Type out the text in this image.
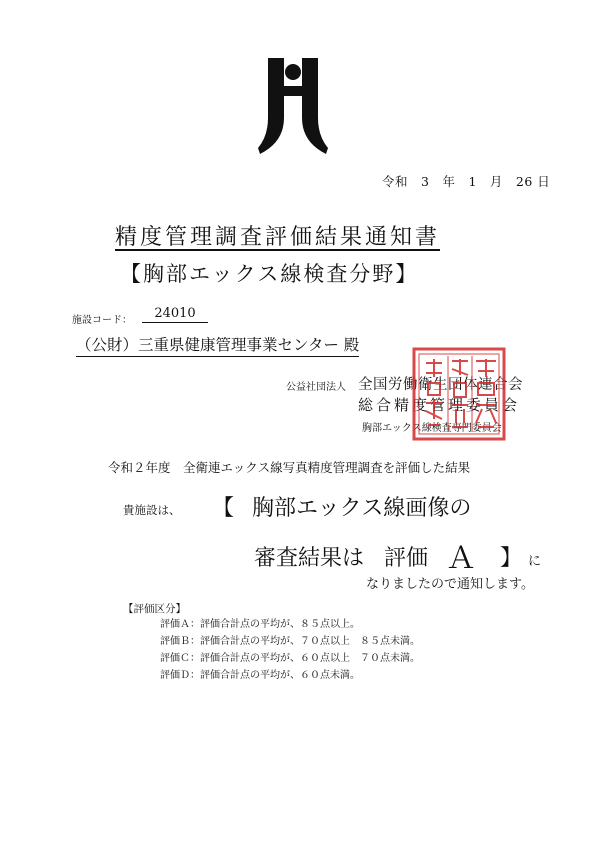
令和　3　年　1　月　26 日
精度管理調査評価結果通知書
【胸部エックス線検査分野】
施設コード：	24010
（公財）三重県健康管理事業センター 殿
公益社団法人 全国労働衛生団体連合会
総合精度管理委員会
胸部エックス線検査専門委員会
令和２年度　全衛連エックス線写真精度管理調査を評価した結果
貴施設は、 【 胸部エックス線画像の
審査結果は 評価 Ａ 】 に
なりましたので通知します。
【評価区分】
評価Ａ：評価合計点の平均が、８５点以上。
評価Ｂ：評価合計点の平均が、７０点以上　８５点未満。
評価Ｃ：評価合計点の平均が、６０点以上　７０点未満。
評価Ｄ：評価合計点の平均が、６０点未満。
